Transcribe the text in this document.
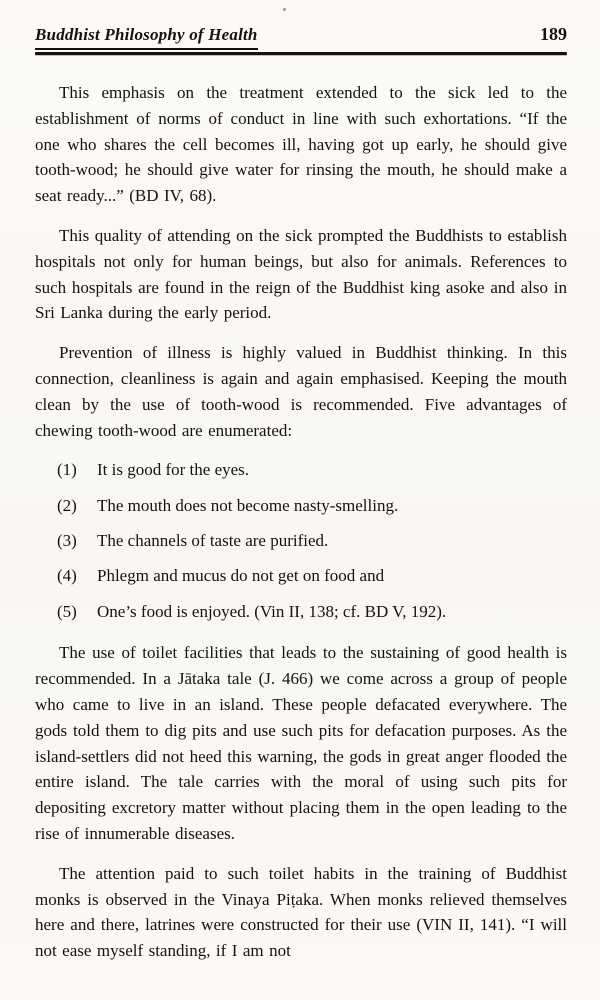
Buddhist Philosophy of Health	189

This emphasis on the treatment extended to the sick led to the establishment of norms of conduct in line with such exhortations. “If the one who shares the cell becomes ill, having got up early, he should give tooth-wood; he should give water for rinsing the mouth, he should make a seat ready...” (BD IV, 68).

This quality of attending on the sick prompted the Buddhists to establish hospitals not only for human beings, but also for animals. References to such hospitals are found in the reign of the Buddhist king asoke and also in Sri Lanka during the early period.

Prevention of illness is highly valued in Buddhist thinking. In this connection, cleanliness is again and again emphasised. Keeping the mouth clean by the use of tooth-wood is recommended. Five advantages of chewing tooth-wood are enumerated:

(1)	It is good for the eyes.
(2)	The mouth does not become nasty-smelling.
(3)	The channels of taste are purified.
(4)	Phlegm and mucus do not get on food and
(5)	One’s food is enjoyed. (Vin II, 138; cf. BD V, 192).

The use of toilet facilities that leads to the sustaining of good health is recommended. In a Jātaka tale (J. 466) we come across a group of people who came to live in an island. These people defacated everywhere. The gods told them to dig pits and use such pits for defacation purposes. As the island-settlers did not heed this warning, the gods in great anger flooded the entire island. The tale carries with the moral of using such pits for depositing excretory matter without placing them in the open leading to the rise of innumerable diseases.

The attention paid to such toilet habits in the training of Buddhist monks is observed in the Vinaya Piṭaka. When monks relieved themselves here and there, latrines were constructed for their use (VIN II, 141). “I will not ease myself standing, if I am not
